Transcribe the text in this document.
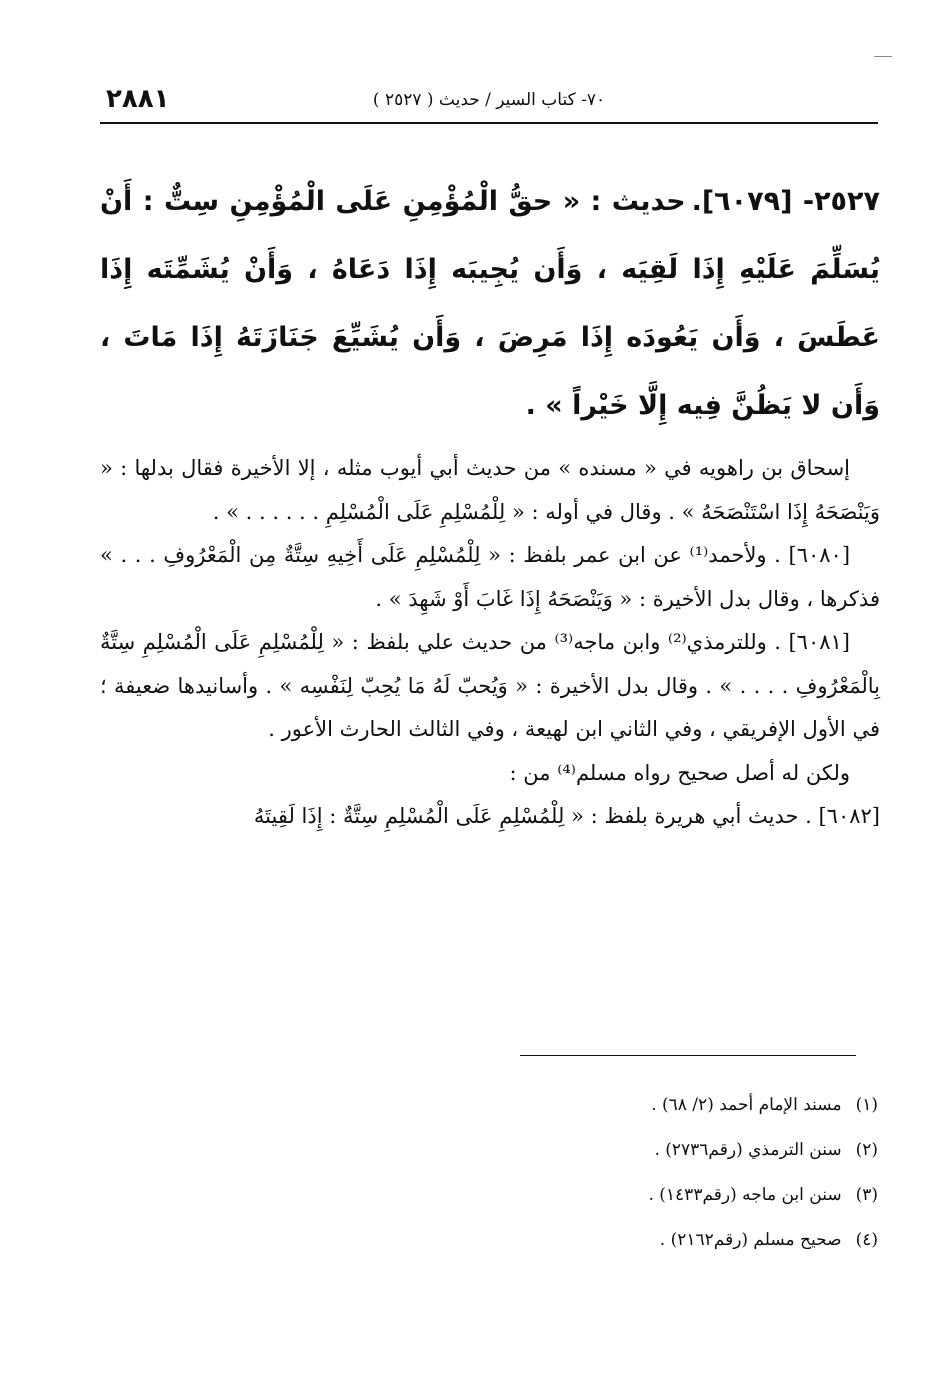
٢٨٨١	٧٠- كتاب السير / حديث ( ٢٥٢٧ )
٢٥٢٧- [٦٠٧٩].حديث : « حقُّ الْمُؤْمِنِ عَلَى الْمُؤْمِنِ سِتٌّ : أَنْ يُسَلِّمَ عَلَيْهِ إِذَا لَقِيَه ، وَأَن يُجِيبَه إِذَا دَعَاهُ ، وَأَنْ يُشَمِّتَه إِذَا عَطَسَ ، وَأَن يَعُودَه إِذَا مَرِضَ ، وَأَن يُشَيِّعَ جَنَازَتَهُ إِذَا مَاتَ ، وَأَن لا يَظُنَّ فِيه إِلَّا خَيْراً » .

إسحاق بن راهويه في « مسنده » من حديث أبي أيوب مثله ، إلا الأخيرة فقال بدلها : « وَيَنْصَحَهُ إِذَا اسْتَنْصَحَهُ » . وقال في أوله : « لِلْمُسْلِمِ عَلَى الْمُسْلِمِ . . . . . . » .

[٦٠٨٠] . ولأحمد⁽¹⁾ عن ابن عمر بلفظ : « لِلْمُسْلِمِ عَلَى أَخِيهِ سِتَّةٌ مِن الْمَعْرُوفِ . . . » فذكرها ، وقال بدل الأخيرة : « وَيَنْصَحَهُ إِذَا غَابَ أَوْ شَهِدَ » .

[٦٠٨١] . وللترمذي⁽²⁾ وابن ماجه⁽³⁾ من حديث علي بلفظ : « لِلْمُسْلِمِ عَلَى الْمُسْلِمِ سِتَّةٌ بِالْمَعْرُوفِ . . . . » . وقال بدل الأخيرة : « وَيُحبّ لَهُ مَا يُحِبّ لِنَفْسِه » . وأسانيدها ضعيفة ؛ في الأول الإفريقي ، وفي الثاني ابن لهيعة ، وفي الثالث الحارث الأعور .

ولكن له أصل صحيح رواه مسلم⁽⁴⁾ من :

[٦٠٨٢] . حديث أبي هريرة بلفظ : « لِلْمُسْلِمِ عَلَى الْمُسْلِمِ سِتَّةٌ : إِذَا لَقِيتَهُ

(١)مسند الإمام أحمد (٢/ ٦٨) .
(٢)سنن الترمذي (رقم٢٧٣٦) .
(٣)سنن ابن ماجه (رقم١٤٣٣) .
(٤)صحيح مسلم (رقم٢١٦٢) .
